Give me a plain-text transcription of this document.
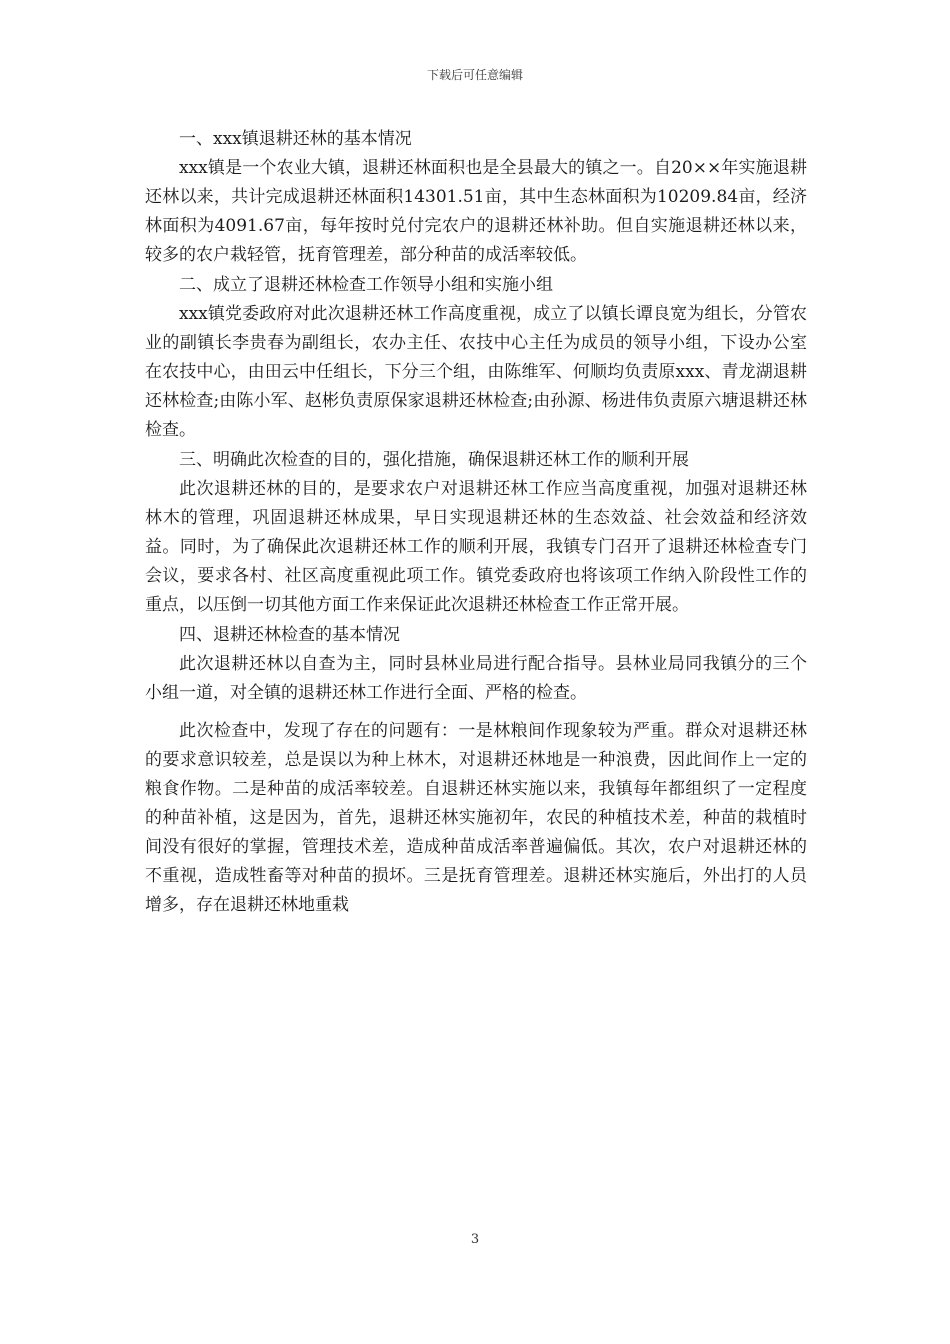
下载后可任意编辑

一、xxx镇退耕还林的基本情况

xxx镇是一个农业大镇，退耕还林面积也是全县最大的镇之一。自20××年实施退耕还林以来，共计完成退耕还林面积14301.51亩，其中生态林面积为10209.84亩，经济林面积为4091.67亩，每年按时兑付完农户的退耕还林补助。但自实施退耕还林以来，较多的农户栽轻管，抚育管理差，部分种苗的成活率较低。

二、成立了退耕还林检查工作领导小组和实施小组

xxx镇党委政府对此次退耕还林工作高度重视，成立了以镇长谭良宽为组长，分管农业的副镇长李贵春为副组长，农办主任、农技中心主任为成员的领导小组，下设办公室在农技中心，由田云中任组长，下分三个组，由陈维军、何顺均负责原xxx、青龙湖退耕还林检查;由陈小军、赵彬负责原保家退耕还林检查;由孙源、杨进伟负责原六塘退耕还林检查。

三、明确此次检查的目的，强化措施，确保退耕还林工作的顺利开展

此次退耕还林的目的，是要求农户对退耕还林工作应当高度重视，加强对退耕还林林木的管理，巩固退耕还林成果，早日实现退耕还林的生态效益、社会效益和经济效益。同时，为了确保此次退耕还林工作的顺利开展，我镇专门召开了退耕还林检查专门会议，要求各村、社区高度重视此项工作。镇党委政府也将该项工作纳入阶段性工作的重点，以压倒一切其他方面工作来保证此次退耕还林检查工作正常开展。

四、退耕还林检查的基本情况

此次退耕还林以自查为主，同时县林业局进行配合指导。县林业局同我镇分的三个小组一道，对全镇的退耕还林工作进行全面、严格的检查。

此次检查中，发现了存在的问题有：一是林粮间作现象较为严重。群众对退耕还林的要求意识较差，总是误以为种上林木，对退耕还林地是一种浪费，因此间作上一定的粮食作物。二是种苗的成活率较差。自退耕还林实施以来，我镇每年都组织了一定程度的种苗补植，这是因为，首先，退耕还林实施初年，农民的种植技术差，种苗的栽植时间没有很好的掌握，管理技术差，造成种苗成活率普遍偏低。其次，农户对退耕还林的不重视，造成牲畜等对种苗的损坏。三是抚育管理差。退耕还林实施后，外出打的人员增多，存在退耕还林地重栽

3
